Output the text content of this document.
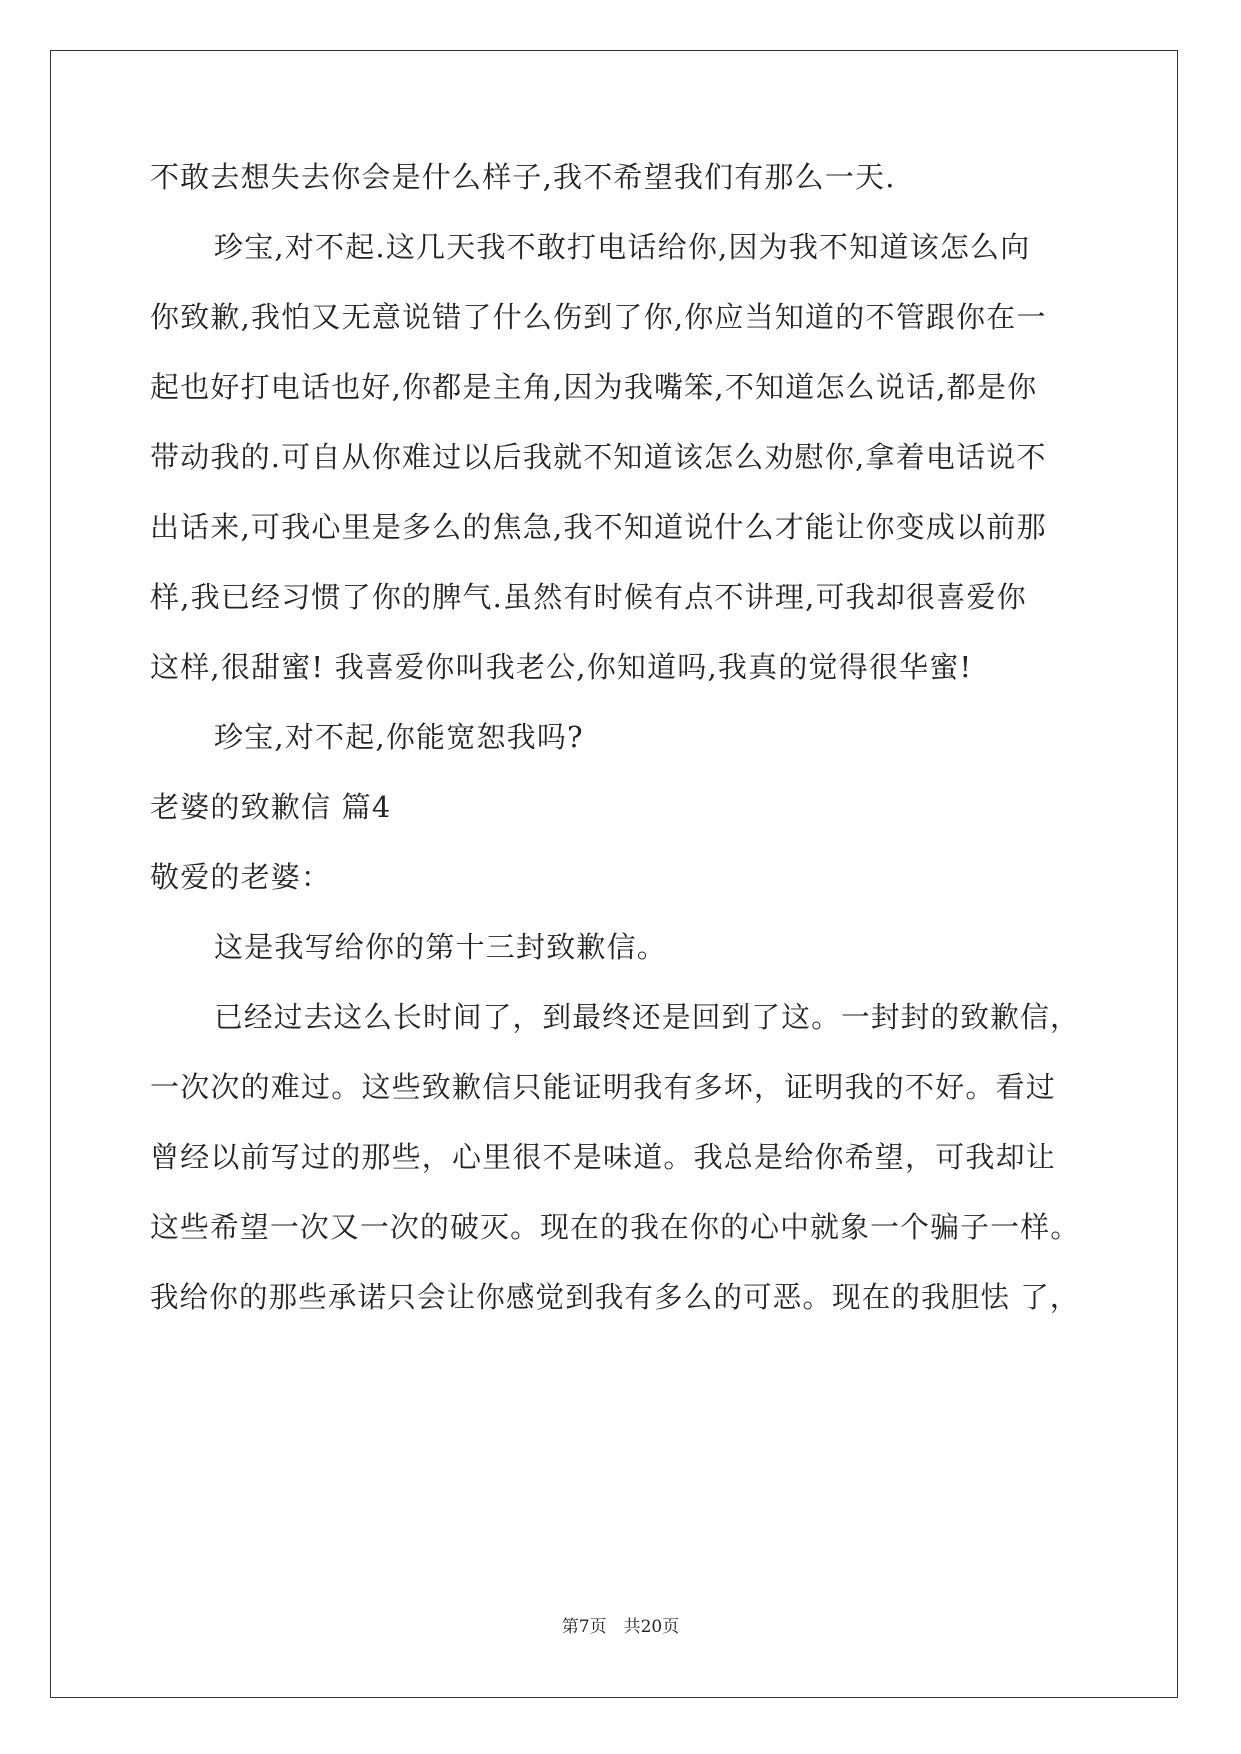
不敢去想失去你会是什么样子,我不希望我们有那么一天.
珍宝,对不起.这几天我不敢打电话给你,因为我不知道该怎么向
你致歉,我怕又无意说错了什么伤到了你,你应当知道的不管跟你在一
起也好打电话也好,你都是主角,因为我嘴笨,不知道怎么说话,都是你
带动我的.可自从你难过以后我就不知道该怎么劝慰你,拿着电话说不
出话来,可我心里是多么的焦急,我不知道说什么才能让你变成以前那
样,我已经习惯了你的脾气.虽然有时候有点不讲理,可我却很喜爱你
这样,很甜蜜! 我喜爱你叫我老公,你知道吗,我真的觉得很华蜜!
珍宝,对不起,你能宽恕我吗?
老婆的致歉信 篇4
敬爱的老婆：
这是我写给你的第十三封致歉信。
已经过去这么长时间了，到最终还是回到了这。一封封的致歉信，
一次次的难过。这些致歉信只能证明我有多坏，证明我的不好。看过
曾经以前写过的那些，心里很不是味道。我总是给你希望，可我却让
这些希望一次又一次的破灭。现在的我在你的心中就象一个骗子一样。
我给你的那些承诺只会让你感觉到我有多么的可恶。现在的我胆怯 了，
第7页　共20页
